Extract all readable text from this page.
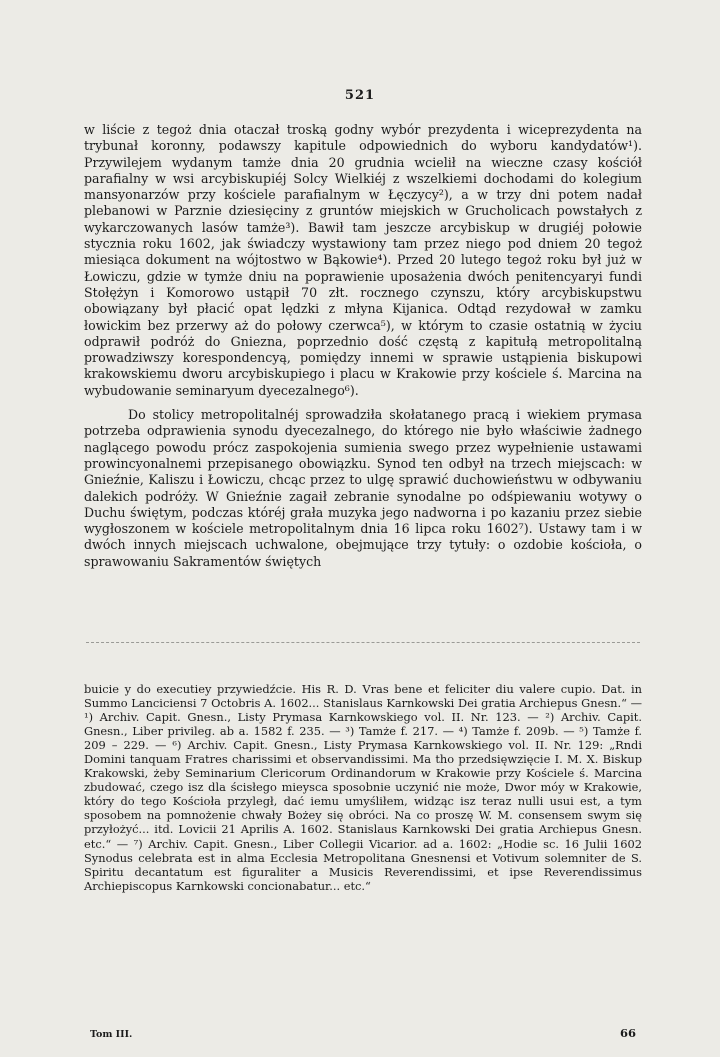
521

w liście z tegoż dnia otaczał troską godny wybór prezydenta i wiceprezydenta na trybunał koronny, podawszy kapitule odpowiednich do wyboru kandydatów¹). Przywilejem wydanym tamże dnia 20 grudnia wcielił na wieczne czasy kościół parafialny w wsi arcybiskupiéj Solcy Wielkiéj z wszelkiemi dochodami do kolegium mansyonarzów przy kościele parafialnym w Łęczycy²), a w trzy dni potem nadał plebanowi w Parznie dziesięciny z gruntów miejskich w Grucholicach powstałych z wykarczowanych lasów tamże³). Bawił tam jeszcze arcybiskup w drugiéj połowie stycznia roku 1602, jak świadczy wystawiony tam przez niego pod dniem 20 tegoż miesiąca dokument na wójtostwo w Bąkowie⁴). Przed 20 lutego tegoż roku był już w Łowiczu, gdzie w tymże dniu na poprawienie uposażenia dwóch penitencyaryi fundi Stołężyn i Komorowo ustąpił 70 złt. rocznego czynszu, który arcybiskupstwu obowiązany był płacić opat lędzki z młyna Kijanica. Odtąd rezydował w zamku łowickim bez przerwy aż do połowy czerwca⁵), w którym to czasie ostatnią w życiu odprawił podróż do Gniezna, poprzednio dość częstą z kapitułą metropolitalną prowadziwszy korespondencyą, pomiędzy innemi w sprawie ustąpienia biskupowi krakowskiemu dworu arcybiskupiego i placu w Krakowie przy kościele ś. Marcina na wybudowanie seminaryum dyecezalnego⁶).

Do stolicy metropolitalnéj sprowadziła skołatanego pracą i wiekiem prymasa potrzeba odprawienia synodu dyecezalnego, do którego nie było właściwie żadnego naglącego powodu prócz zaspokojenia sumienia swego przez wypełnienie ustawami prowincyonalnemi przepisanego obowiązku. Synod ten odbył na trzech miejscach: w Gnieźnie, Kaliszu i Łowiczu, chcąc przez to ulgę sprawić duchowieństwu w odbywaniu dalekich podróży. W Gnieźnie zagaił zebranie synodalne po odśpiewaniu wotywy o Duchu świętym, podczas któréj grała muzyka jego nadworna i po kazaniu przez siebie wygłoszonem w kościele metropolitalnym dnia 16 lipca roku 1602⁷). Ustawy tam i w dwóch innych miejscach uchwalone, obejmujące trzy tytuły: o ozdobie kościoła, o sprawowaniu Sakramentów świętych

buicie y do executiey przywiedźcie. His R. D. Vras bene et feliciter diu valere cupio. Dat. in Summo Lanciciensi 7 Octobris A. 1602... Stanislaus Karnkowski Dei gratia Archiepus Gnesn.“ — ¹) Archiv. Capit. Gnesn., Listy Prymasa Karnkowskiego vol. II. Nr. 123. — ²) Archiv. Capit. Gnesn., Liber privileg. ab a. 1582 f. 235. — ³) Tamże f. 217. — ⁴) Tamże f. 209b. — ⁵) Tamże f. 209 – 229. — ⁶) Archiv. Capit. Gnesn., Listy Prymasa Karnkowskiego vol. II. Nr. 129: „Rndi Domini tanquam Fratres charissimi et observandissimi. Ma tho przedsięwzięcie I. M. X. Biskup Krakowski, żeby Seminarium Clericorum Ordinandorum w Krakowie przy Kościele ś. Marcina zbudować, czego isz dla ścisłego mieysca sposobnie uczynić nie może, Dwor móy w Krakowie, który do tego Kościoła przyległ, dać iemu umyśliłem, widząc isz teraz nulli usui est, a tym sposobem na pomnożenie chwały Bożey się obróci. Na co proszę W. M. consensem swym się przyłożyć... itd. Lovicii 21 Aprilis A. 1602. Stanislaus Karnkowski Dei gratia Archiepus Gnesn. etc.“ — ⁷) Archiv. Capit. Gnesn., Liber Collegii Vicarior. ad a. 1602: „Hodie sc. 16 Julii 1602 Synodus celebrata est in alma Ecclesia Metropolitana Gnesnensi et Votivum solemniter de S. Spiritu decantatum est figuraliter a Musicis Reverendissimi, et ipse Reverendissimus Archiepiscopus Karnkowski concionabatur... etc.“

Tom III.	66
